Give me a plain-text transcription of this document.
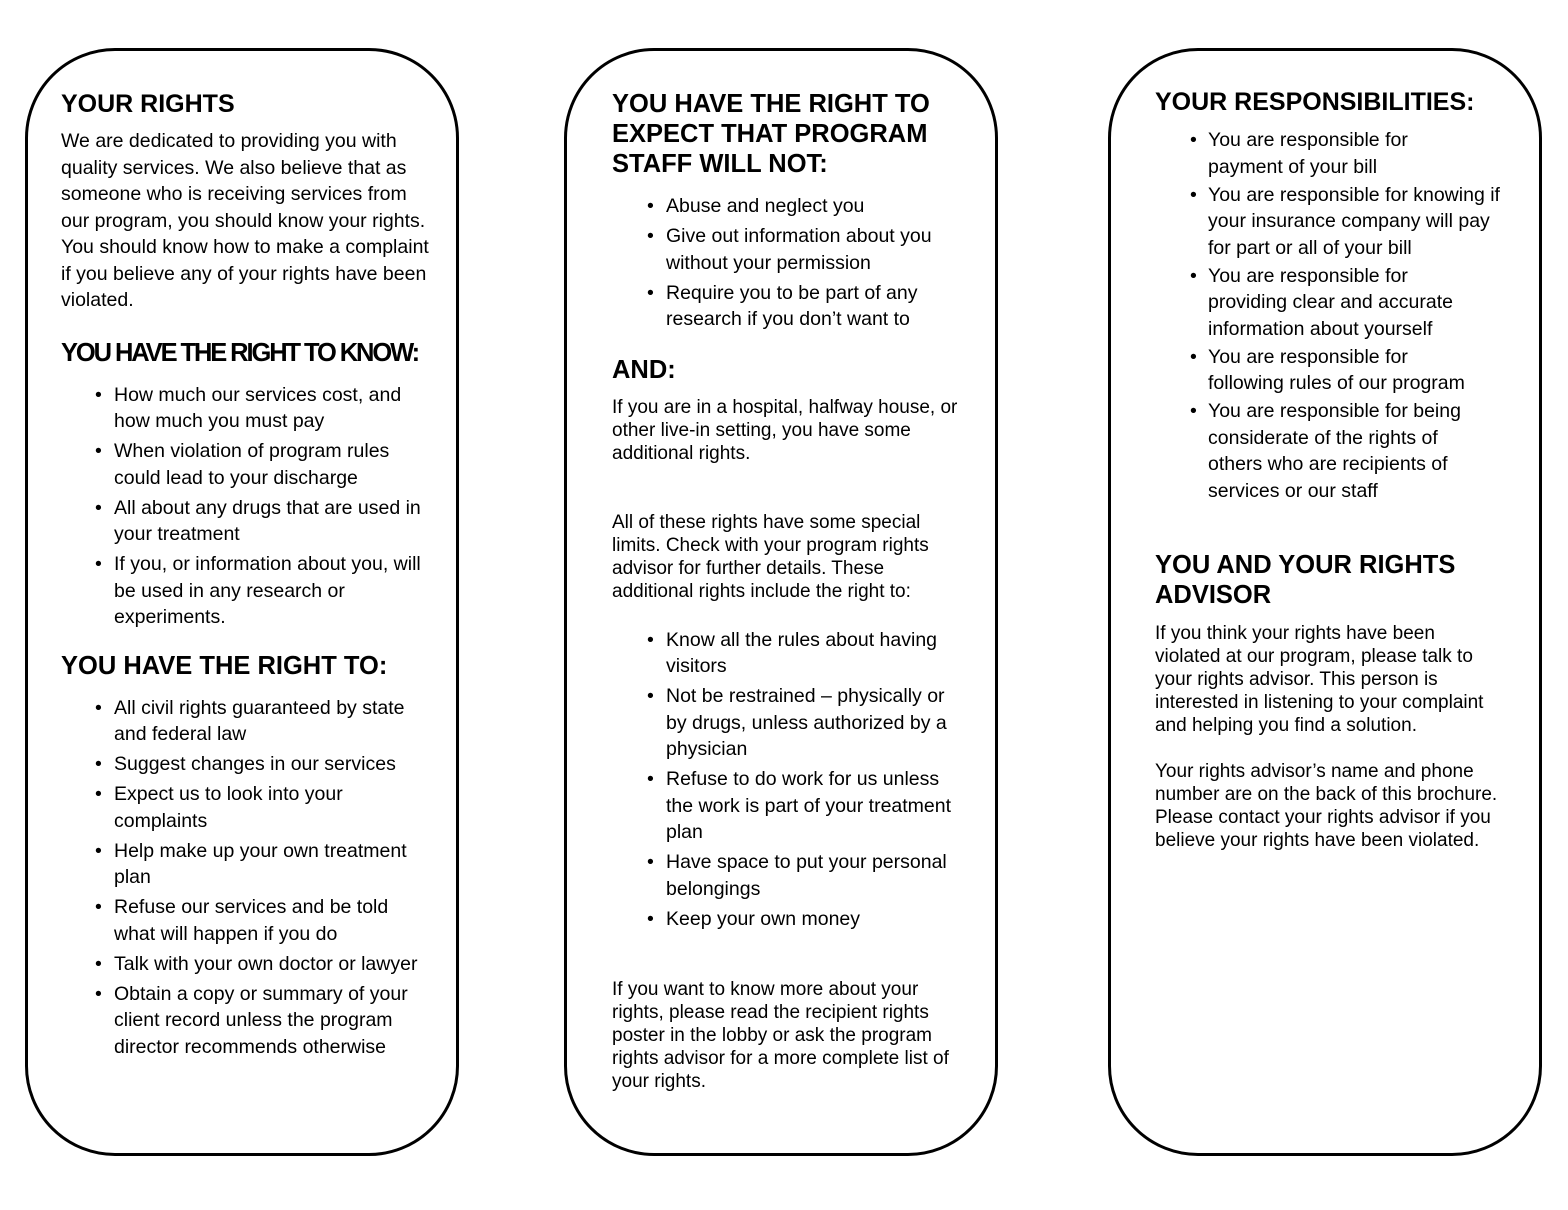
YOUR RIGHTS

We are dedicated to providing you with quality services. We also believe that as someone who is receiving services from our program, you should know your rights. You should know how to make a complaint if you believe any of your rights have been violated.

YOU HAVE THE RIGHT TO KNOW:
• How much our services cost, and how much you must pay
• When violation of program rules could lead to your discharge
• All about any drugs that are used in your treatment
• If you, or information about you, will be used in any research or experiments.
YOU HAVE THE RIGHT TO:
• All civil rights guaranteed by state and federal law
• Suggest changes in our services
• Expect us to look into your complaints
• Help make up your own treatment plan
• Refuse our services and be told what will happen if you do
• Talk with your own doctor or lawyer
• Obtain a copy or summary of your client record unless the program director recommends otherwise
YOU HAVE THE RIGHT TO EXPECT THAT PROGRAM STAFF WILL NOT:
• Abuse and neglect you
• Give out information about you without your permission
• Require you to be part of any research if you don’t want to
AND:

If you are in a hospital, halfway house, or other live-in setting, you have some additional rights.

All of these rights have some special limits. Check with your program rights advisor for further details. These additional rights include the right to:

• Know all the rules about having visitors
• Not be restrained – physically or by drugs, unless authorized by a physician
• Refuse to do work for us unless the work is part of your treatment plan
• Have space to put your personal belongings
• Keep your own money

If you want to know more about your rights, please read the recipient rights poster in the lobby or ask the program rights advisor for a more complete list of your rights.

YOUR RESPONSIBILITIES:
• You are responsible for payment of your bill
• You are responsible for knowing if your insurance company will pay for part or all of your bill
• You are responsible for providing clear and accurate information about yourself
• You are responsible for following rules of our program
• You are responsible for being considerate of the rights of others who are recipients of services or our staff
YOU AND YOUR RIGHTS ADVISOR

If you think your rights have been violated at our program, please talk to your rights advisor. This person is interested in listening to your complaint and helping you find a solution.

Your rights advisor’s name and phone number are on the back of this brochure. Please contact your rights advisor if you believe your rights have been violated.
